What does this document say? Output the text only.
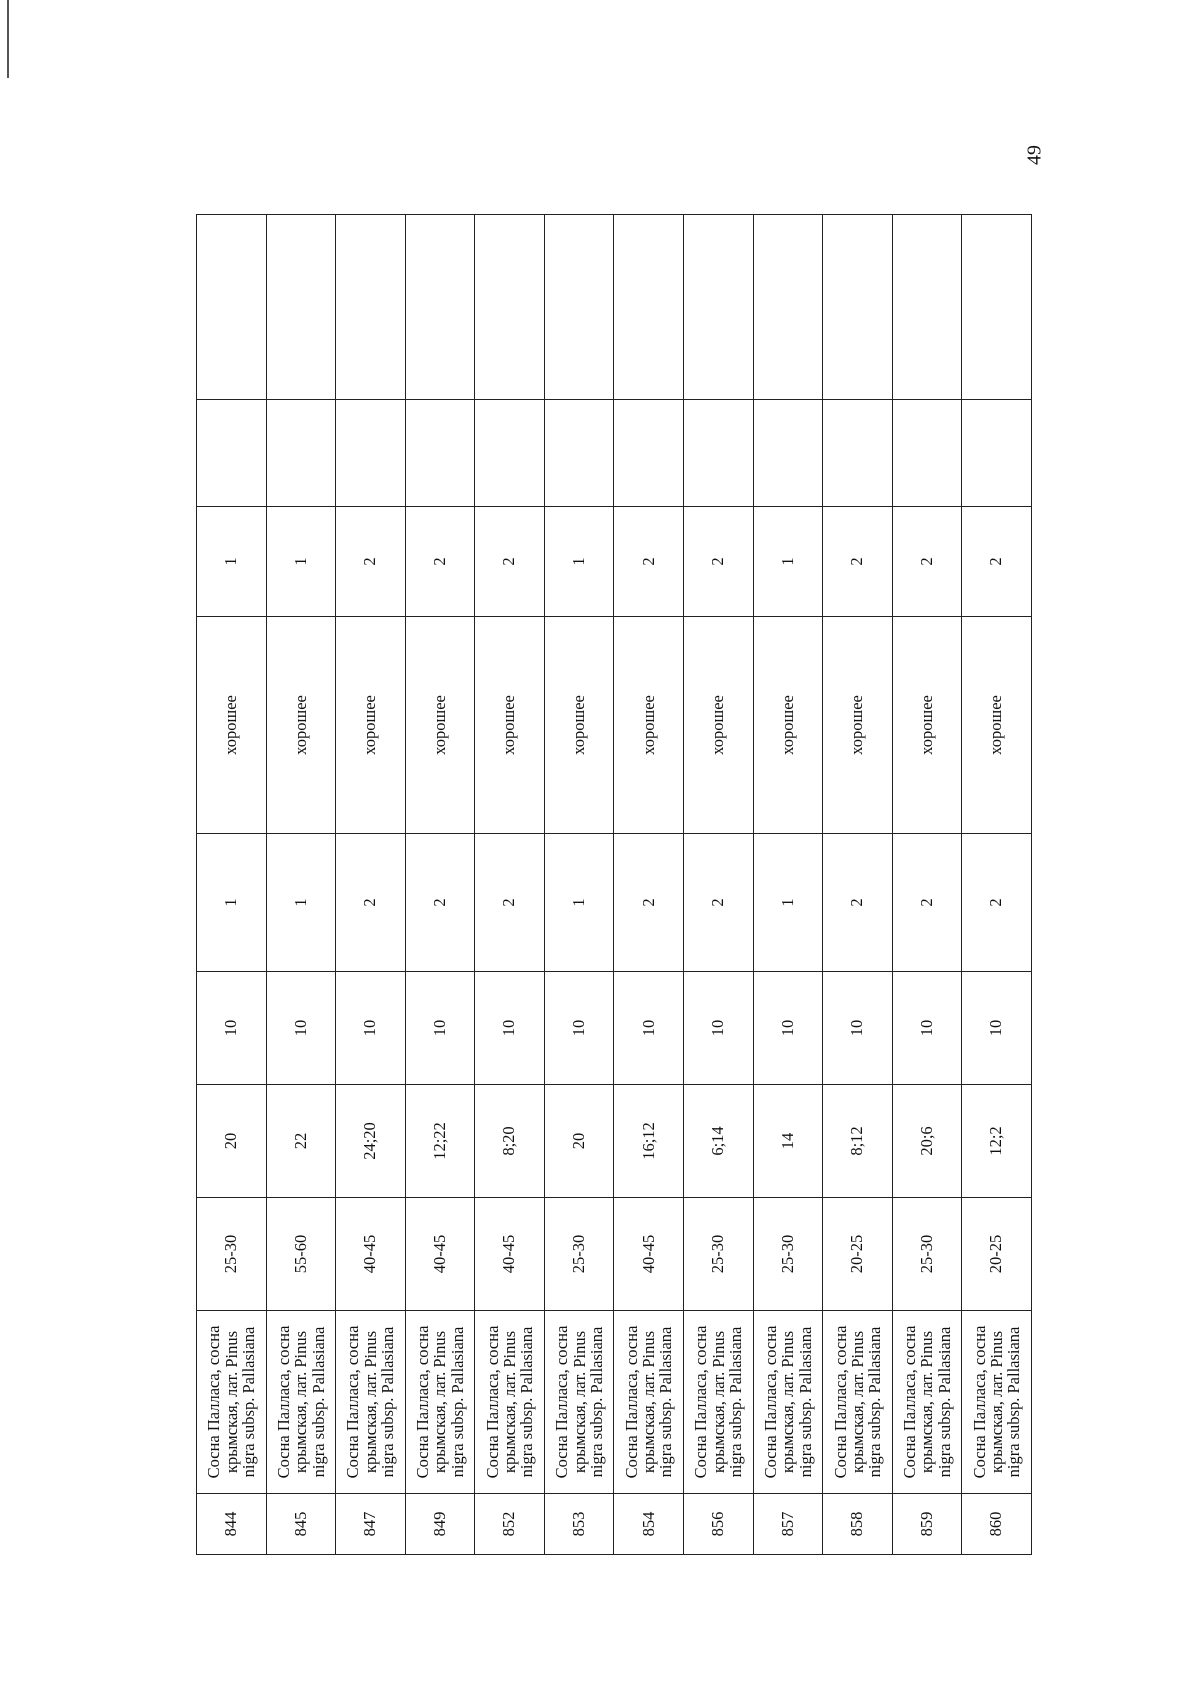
49
844	Сосна Паллаcа, сосна крымская, лат. Pinus nigra subsp. Pallasiana	25-30	20	10	1	хорошее	1		
845	Сосна Паллаcа, сосна крымская, лат. Pinus nigra subsp. Pallasiana	55-60	22	10	1	хорошее	1		
847	Сосна Паллаcа, сосна крымская, лат. Pinus nigra subsp. Pallasiana	40-45	24;20	10	2	хорошее	2		
849	Сосна Паллаcа, сосна крымская, лат. Pinus nigra subsp. Pallasiana	40-45	12;22	10	2	хорошее	2		
852	Сосна Паллаcа, сосна крымская, лат. Pinus nigra subsp. Pallasiana	40-45	8;20	10	2	хорошее	2		
853	Сосна Паллаcа, сосна крымская, лат. Pinus nigra subsp. Pallasiana	25-30	20	10	1	хорошее	1		
854	Сосна Паллаcа, сосна крымская, лат. Pinus nigra subsp. Pallasiana	40-45	16;12	10	2	хорошее	2		
856	Сосна Паллаcа, сосна крымская, лат. Pinus nigra subsp. Pallasiana	25-30	6;14	10	2	хорошее	2		
857	Сосна Паллаcа, сосна крымская, лат. Pinus nigra subsp. Pallasiana	25-30	14	10	1	хорошее	1		
858	Сосна Паллаcа, сосна крымская, лат. Pinus nigra subsp. Pallasiana	20-25	8;12	10	2	хорошее	2		
859	Сосна Паллаcа, сосна крымская, лат. Pinus nigra subsp. Pallasiana	25-30	20;6	10	2	хорошее	2		
860	Сосна Паллаcа, сосна крымская, лат. Pinus nigra subsp. Pallasiana	20-25	12;2	10	2	хорошее	2		
